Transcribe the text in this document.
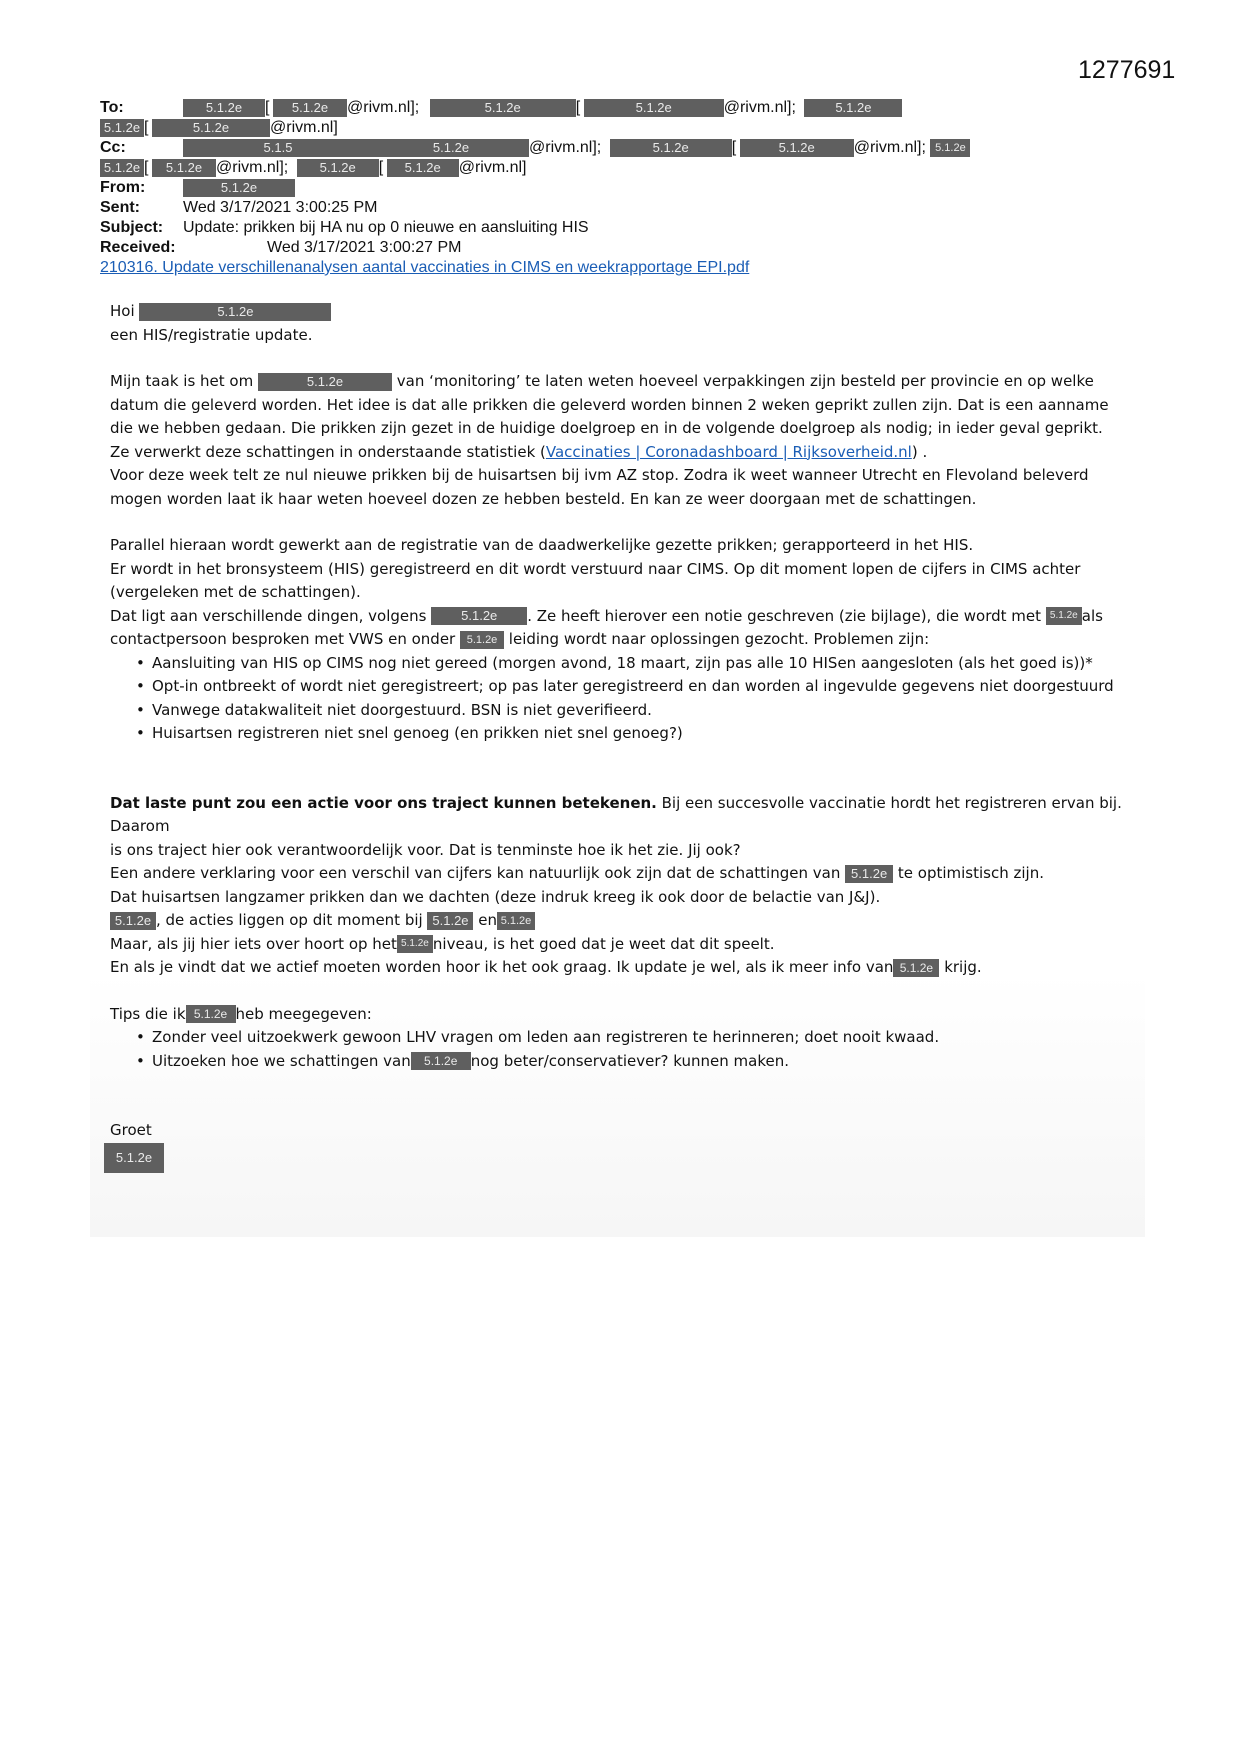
1277691
To:	5.1.2e [ 5.1.2e @rivm.nl];	5.1.2e	[	5.1.2e	@rivm.nl];	5.1.2e
5.1.2e [	5.1.2e	@rivm.nl]
Cc:	5.1.5	5.1.2e	@rivm.nl];	5.1.2e	[	5.1.2e @rivm.nl]; 5.1.2e
5.1.2e [ 5.1.2e @rivm.nl]; 5.1.2e [ 5.1.2e @rivm.nl]
From:	5.1.2e
Sent:	Wed 3/17/2021 3:00:25 PM
Subject: Update: prikken bij HA nu op 0 nieuwe en aansluiting HIS
Received:	Wed 3/17/2021 3:00:27 PM
210316. Update verschillenanalysen aantal vaccinaties in CIMS en weekrapportage EPI.pdf

Hoi	5.1.2e

een HIS/registratie update.

Mijn taak is het om	5.1.2e	van ‘monitoring’ te laten weten hoeveel verpakkingen zijn besteld per provincie en op welke datum die geleverd worden. Het idee is dat alle prikken die geleverd worden binnen 2 weken geprikt zullen zijn. Dat is een aanname die we hebben gedaan. Die prikken zijn gezet in de huidige doelgroep en in de volgende doelgroep als nodig; in ieder geval geprikt. Ze verwerkt deze schattingen in onderstaande statistiek (Vaccinaties | Coronadashboard | Rijksoverheid.nl) .

Voor deze week telt ze nul nieuwe prikken bij de huisartsen bij ivm AZ stop. Zodra ik weet wanneer Utrecht en Flevoland beleverd mogen worden laat ik haar weten hoeveel dozen ze hebben besteld. En kan ze weer doorgaan met de schattingen.

Parallel hieraan wordt gewerkt aan de registratie van de daadwerkelijke gezette prikken; gerapporteerd in het HIS.

Er wordt in het bronsysteem (HIS) geregistreerd en dit wordt verstuurd naar CIMS. Op dit moment lopen de cijfers in CIMS achter (vergeleken met de schattingen).

Dat ligt aan verschillende dingen, volgens	5.1.2e . Ze heeft hierover een notie geschreven (zie bijlage), die wordt met 5.1.2e als contactpersoon besproken met VWS en onder 5.1.2e leiding wordt naar oplossingen gezocht. Problemen zijn:

• Aansluiting van HIS op CIMS nog niet gereed (morgen avond, 18 maart, zijn pas alle 10 HISen aangesloten (als het goed is))*
• Opt-in ontbreekt of wordt niet geregistreert; op pas later geregistreerd en dan worden al ingevulde gegevens niet doorgestuurd
• Vanwege datakwaliteit niet doorgestuurd. BSN is niet geverifieerd.
• Huisartsen registreren niet snel genoeg (en prikken niet snel genoeg?)

Dat laste punt zou een actie voor ons traject kunnen betekenen. Bij een succesvolle vaccinatie hordt het registreren ervan bij.

Daarom

is ons traject hier ook verantwoordelijk voor. Dat is tenminste hoe ik het zie. Jij ook?

Een andere verklaring voor een verschil van cijfers kan natuurlijk ook zijn dat de schattingen van 5.1.2e te optimistisch zijn.

Dat huisartsen langzamer prikken dan we dachten (deze indruk kreeg ik ook door de belactie van J&J).

5.1.2e , de acties liggen op dit moment bij 5.1.2e en 5.1.2e

Maar, als jij hier iets over hoort op het 5.1.2e niveau, is het goed dat je weet dat dit speelt.

En als je vindt dat we actief moeten worden hoor ik het ook graag. Ik update je wel, als ik meer info van 5.1.2e krijg.

Tips die ik 5.1.2e heb meegegeven:

• Zonder veel uitzoekwerk gewoon LHV vragen om leden aan registreren te herinneren; doet nooit kwaad.
• Uitzoeken hoe we schattingen van 5.1.2e nog beter/conservatiever? kunnen maken.

Groet

5.1.2e
